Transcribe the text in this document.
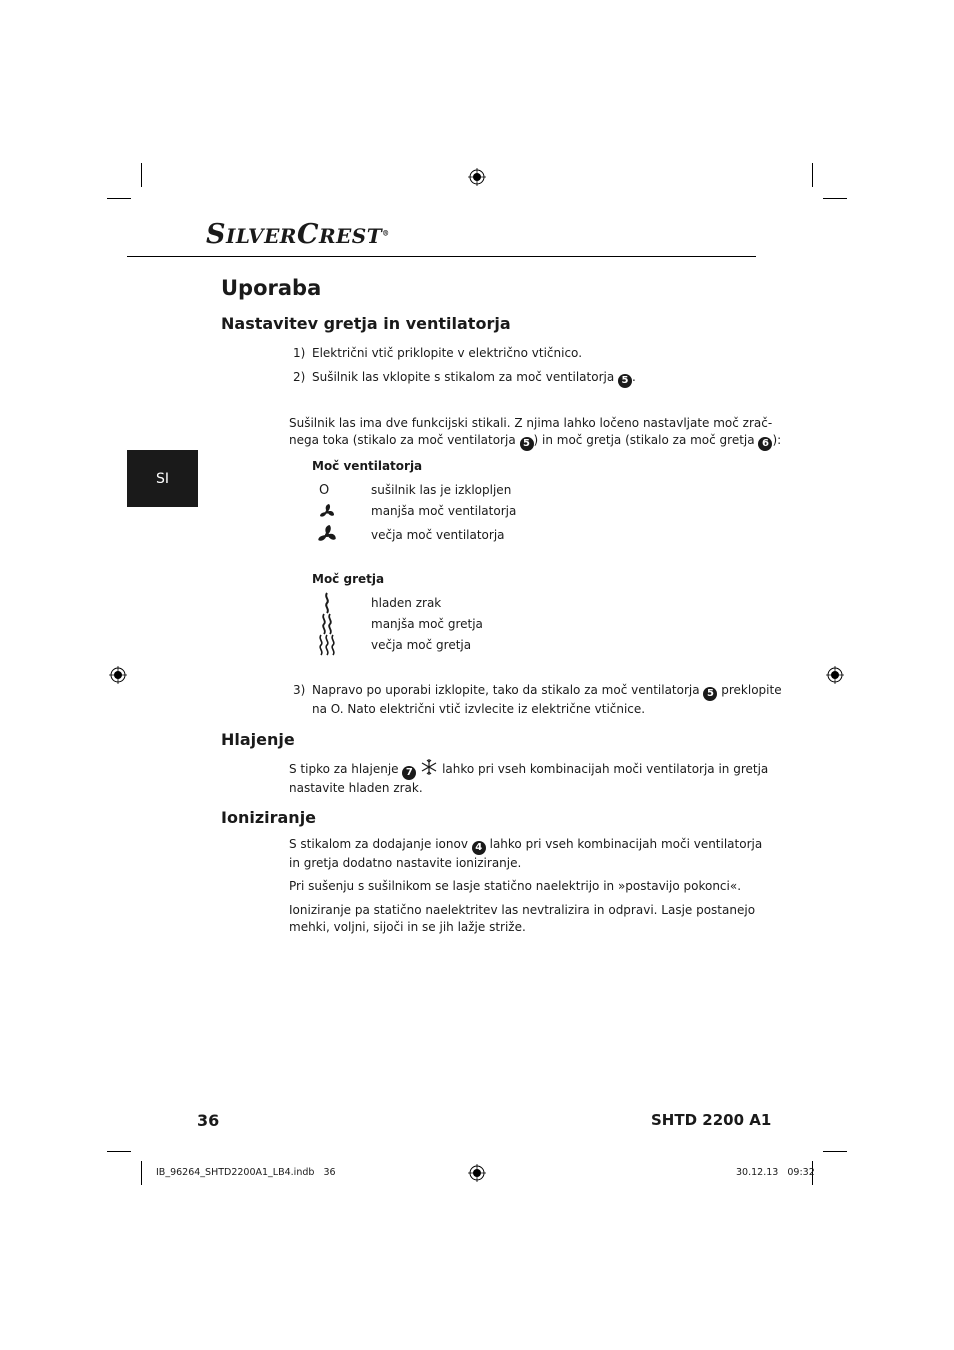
SILVERCREST®
Uporaba
SI
Nastavitev gretja in ventilatorja
1) Električni vtič priklopite v električno vtičnico.
2) Sušilnik las vklopite s stikalom za moč ventilatorja 5 .
Sušilnik las ima dve funkcijski stikali. Z njima lahko ločeno nastavljate moč zrač-
nega toka (stikalo za moč ventilatorja 5 ) in moč gretja (stikalo za moč gretja 6 ):
Moč ventilatorja
O	sušilnik las je izklopljen
manjša moč ventilatorja
večja moč ventilatorja
Moč gretja
hladen zrak
manjša moč gretja
večja moč gretja
3) Napravo po uporabi izklopite, tako da stikalo za moč ventilatorja 5 preklopite
na O. Nato električni vtič izvlecite iz električne vtičnice.
Hlajenje
S tipko za hlajenje 7 lahko pri vseh kombinacijah moči ventilatorja in gretja
nastavite hladen zrak.
Ioniziranje
S stikalom za dodajanje ionov 4 lahko pri vseh kombinacijah moči ventilatorja
in gretja dodatno nastavite ioniziranje.
Pri sušenju s sušilnikom se lasje statično naelektrijo in »postavijo pokonci«.
Ioniziranje pa statično naelektritev las nevtralizira in odpravi. Lasje postanejo
mehki, voljni, sijoči in se jih lažje striže.
36	SHTD 2200 A1
IB_96264_SHTD2200A1_LB4.indb   36	30.12.13   09:32
